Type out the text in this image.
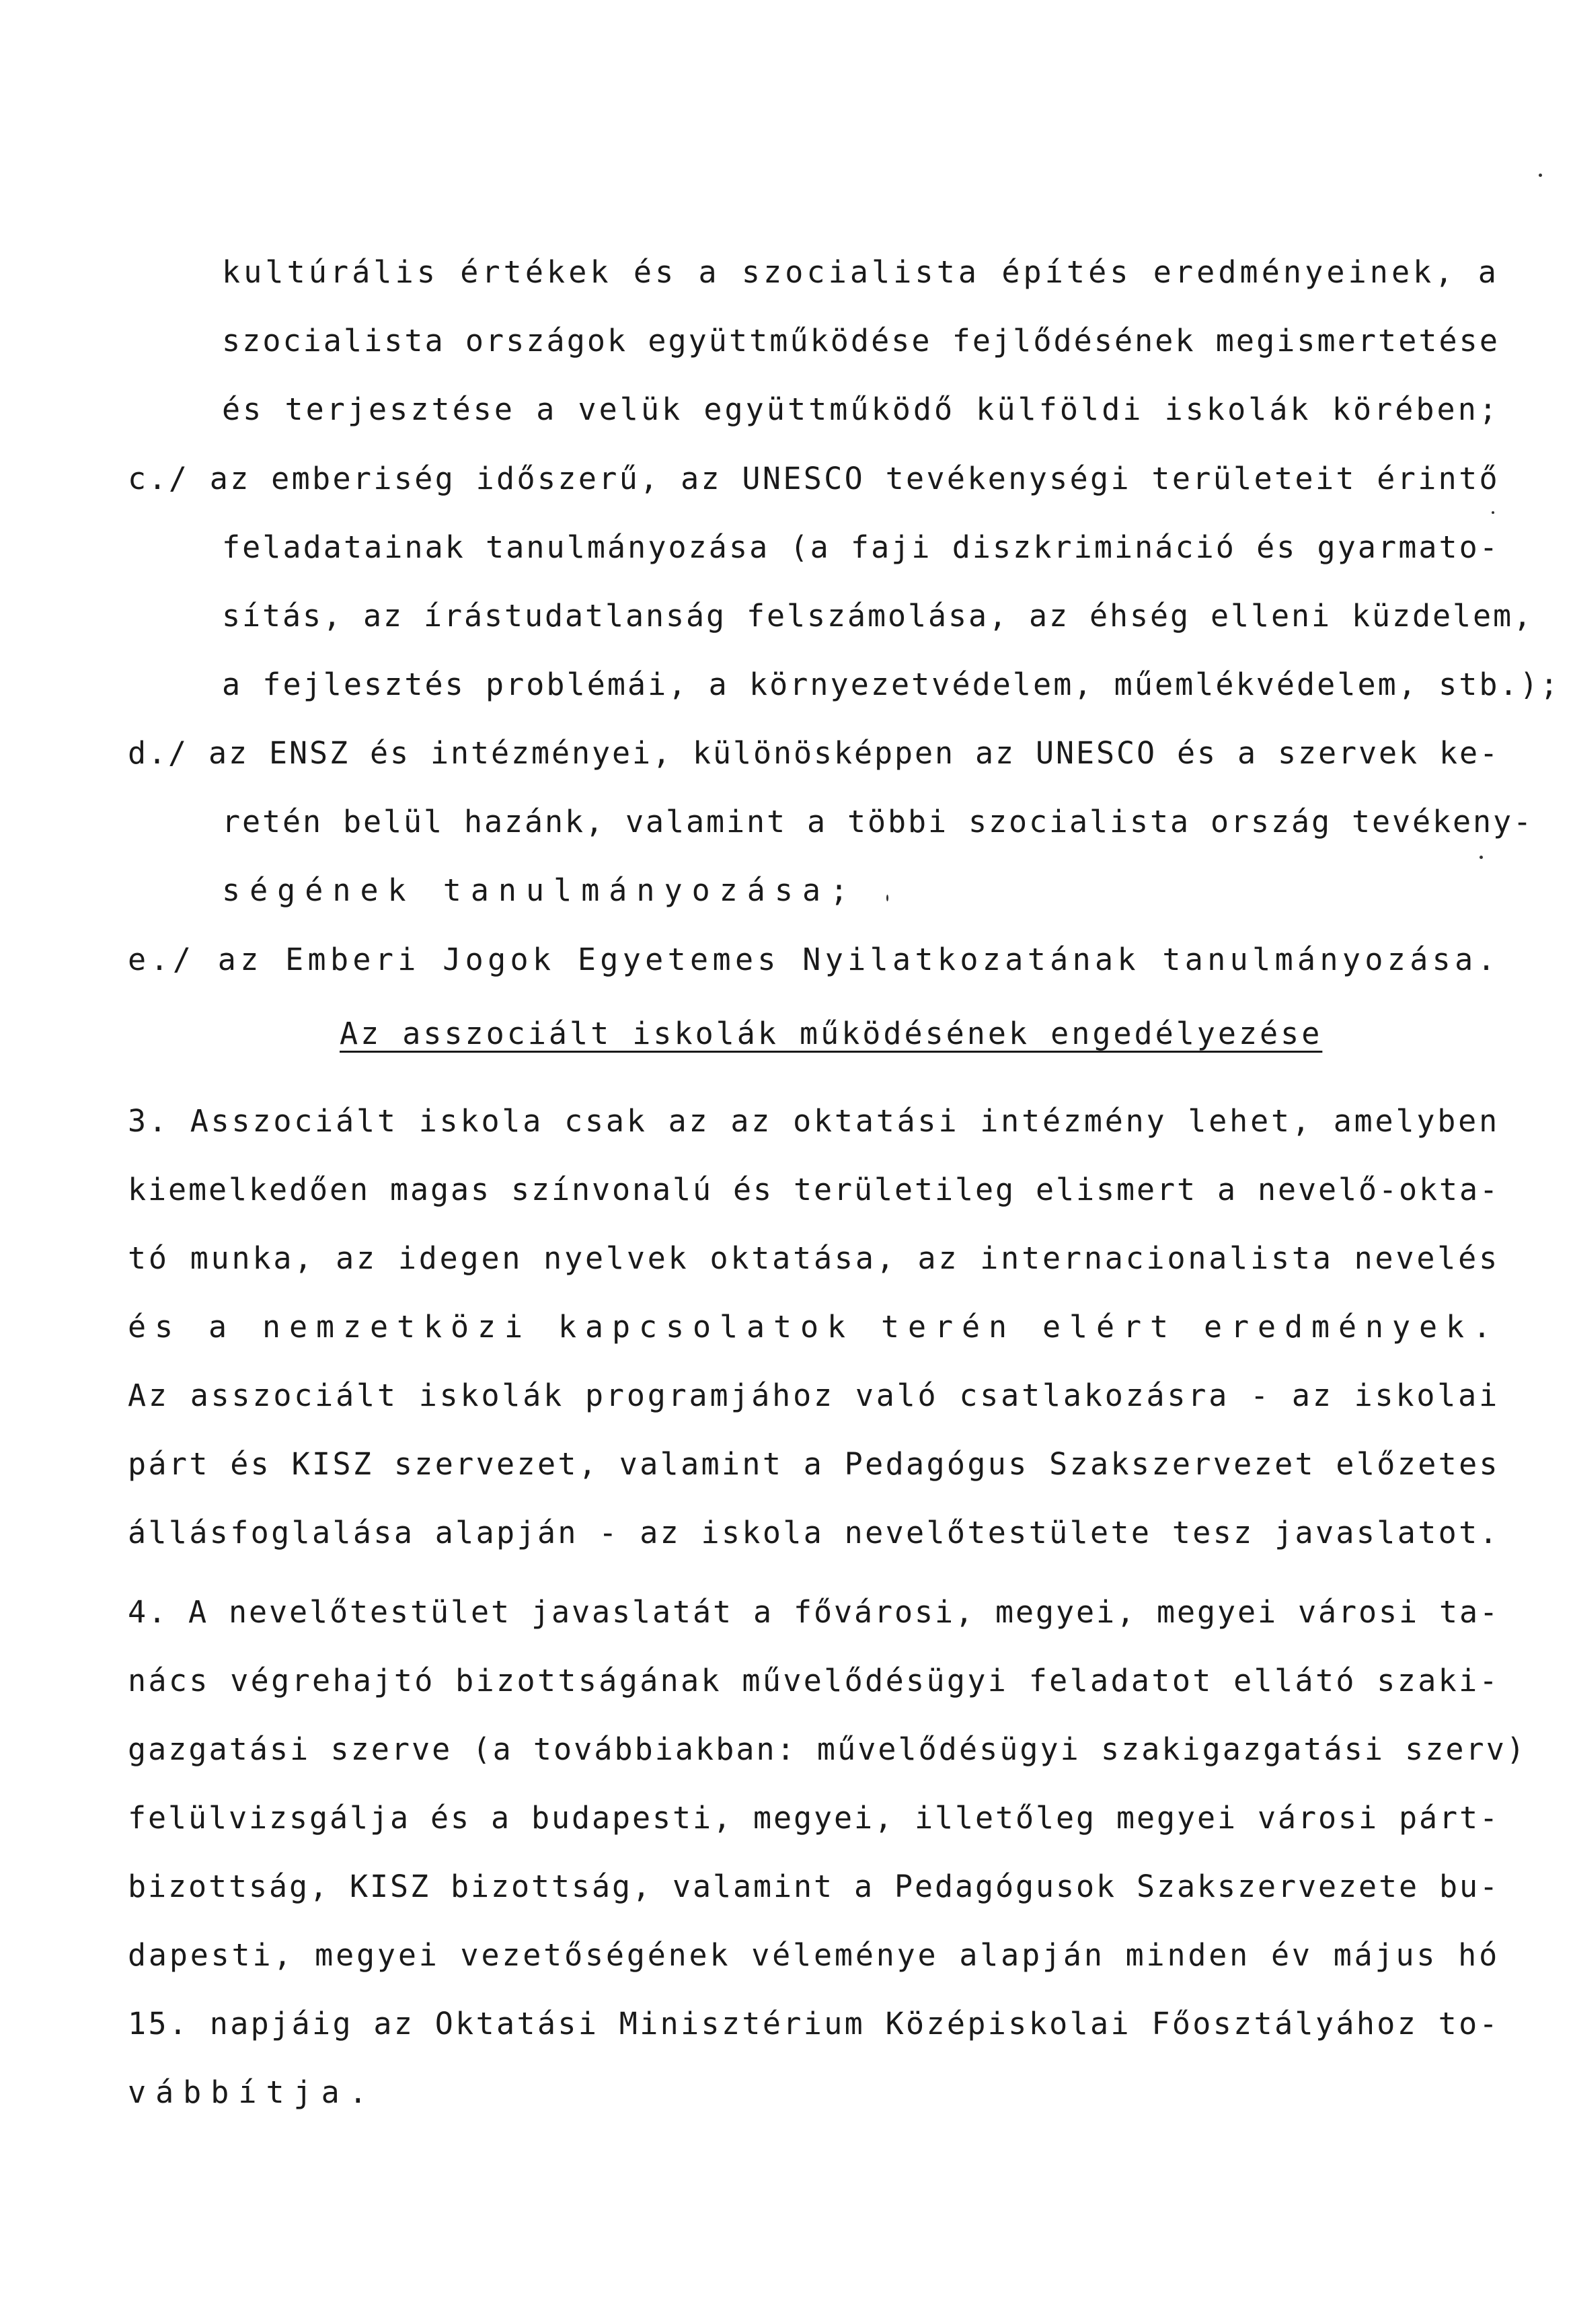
kultúrális értékek és a szocialista építés eredményeinek, a
szocialista országok együttműködése fejlődésének megismertetése
és terjesztése a velük együttműködő külföldi iskolák körében;
c./ az emberiség időszerű, az UNESCO tevékenységi területeit érintő
feladatainak tanulmányozása (a faji diszkrimináció és gyarmato-
sítás, az írástudatlanság felszámolása, az éhség elleni küzdelem,
a fejlesztés problémái, a környezetvédelem, műemlékvédelem, stb.);
d./ az ENSZ és intézményei, különösképpen az UNESCO és a szervek ke-
retén belül hazánk, valamint a többi szocialista ország tevékeny-
ségének tanulmányozása;
e./ az Emberi Jogok Egyetemes Nyilatkozatának tanulmányozása.
Az asszociált iskolák működésének engedélyezése
3. Asszociált iskola csak az az oktatási intézmény lehet, amelyben
kiemelkedően magas színvonalú és területileg elismert a nevelő-okta-
tó munka, az idegen nyelvek oktatása, az internacionalista nevelés
és a nemzetközi kapcsolatok terén elért eredmények.
Az asszociált iskolák programjához való csatlakozásra - az iskolai
párt és KISZ szervezet, valamint a Pedagógus Szakszervezet előzetes
állásfoglalása alapján - az iskola nevelőtestülete tesz javaslatot.
4. A nevelőtestület javaslatát a fővárosi, megyei, megyei városi ta-
nács végrehajtó bizottságának művelődésügyi feladatot ellátó szaki-
gazgatási szerve (a továbbiakban: művelődésügyi szakigazgatási szerv)
felülvizsgálja és a budapesti, megyei, illetőleg megyei városi párt-
bizottság, KISZ bizottság, valamint a Pedagógusok Szakszervezete bu-
dapesti, megyei vezetőségének véleménye alapján minden év május hó
15. napjáig az Oktatási Minisztérium Középiskolai Főosztályához to-
vábbítja.
